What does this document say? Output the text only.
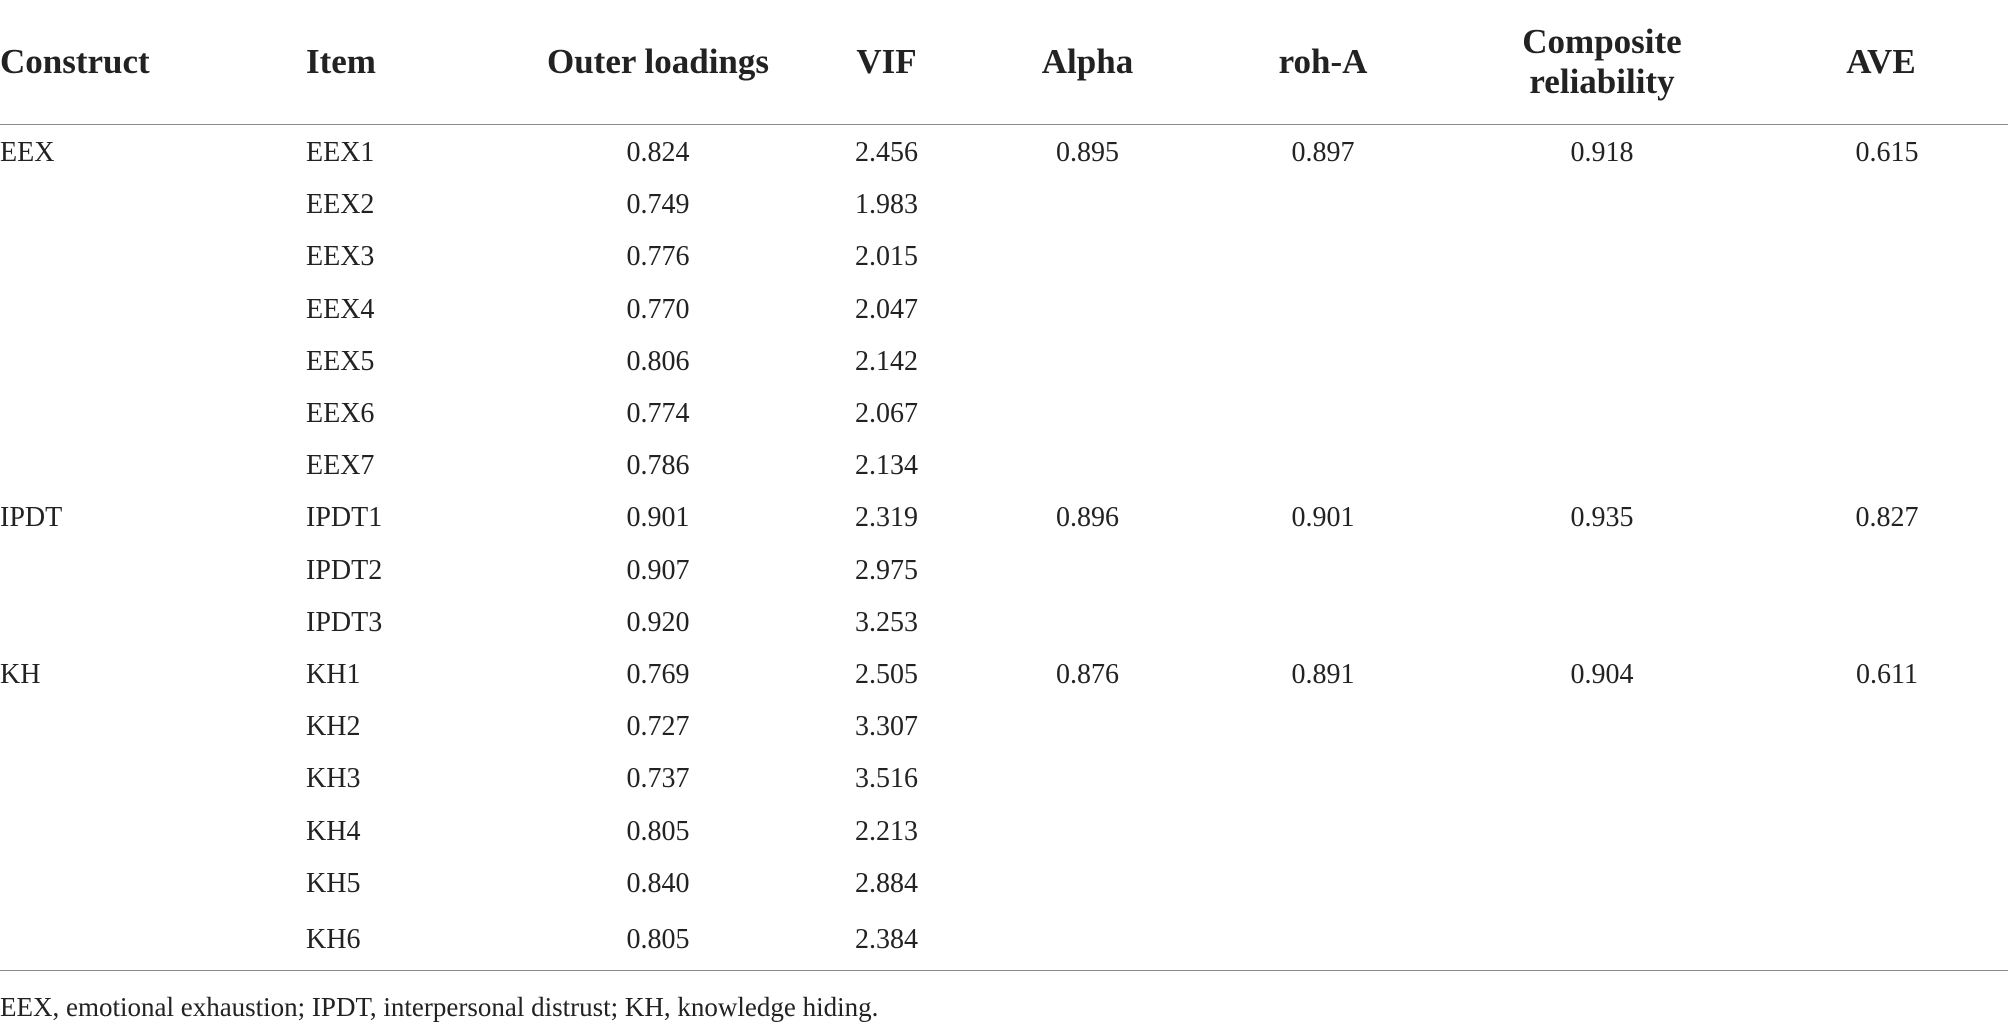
Construct	Item	Outer loadings	VIF	Alpha	roh-A	Composite reliability	AVE
EEX	EEX1	0.824	2.456	0.895	0.897	0.918	0.615
	EEX2	0.749	1.983				
	EEX3	0.776	2.015				
	EEX4	0.770	2.047				
	EEX5	0.806	2.142				
	EEX6	0.774	2.067				
	EEX7	0.786	2.134				
IPDT	IPDT1	0.901	2.319	0.896	0.901	0.935	0.827
	IPDT2	0.907	2.975				
	IPDT3	0.920	3.253				
KH	KH1	0.769	2.505	0.876	0.891	0.904	0.611
	KH2	0.727	3.307				
	KH3	0.737	3.516				
	KH4	0.805	2.213				
	KH5	0.840	2.884				
	KH6	0.805	2.384				
EEX, emotional exhaustion; IPDT, interpersonal distrust; KH, knowledge hiding.
